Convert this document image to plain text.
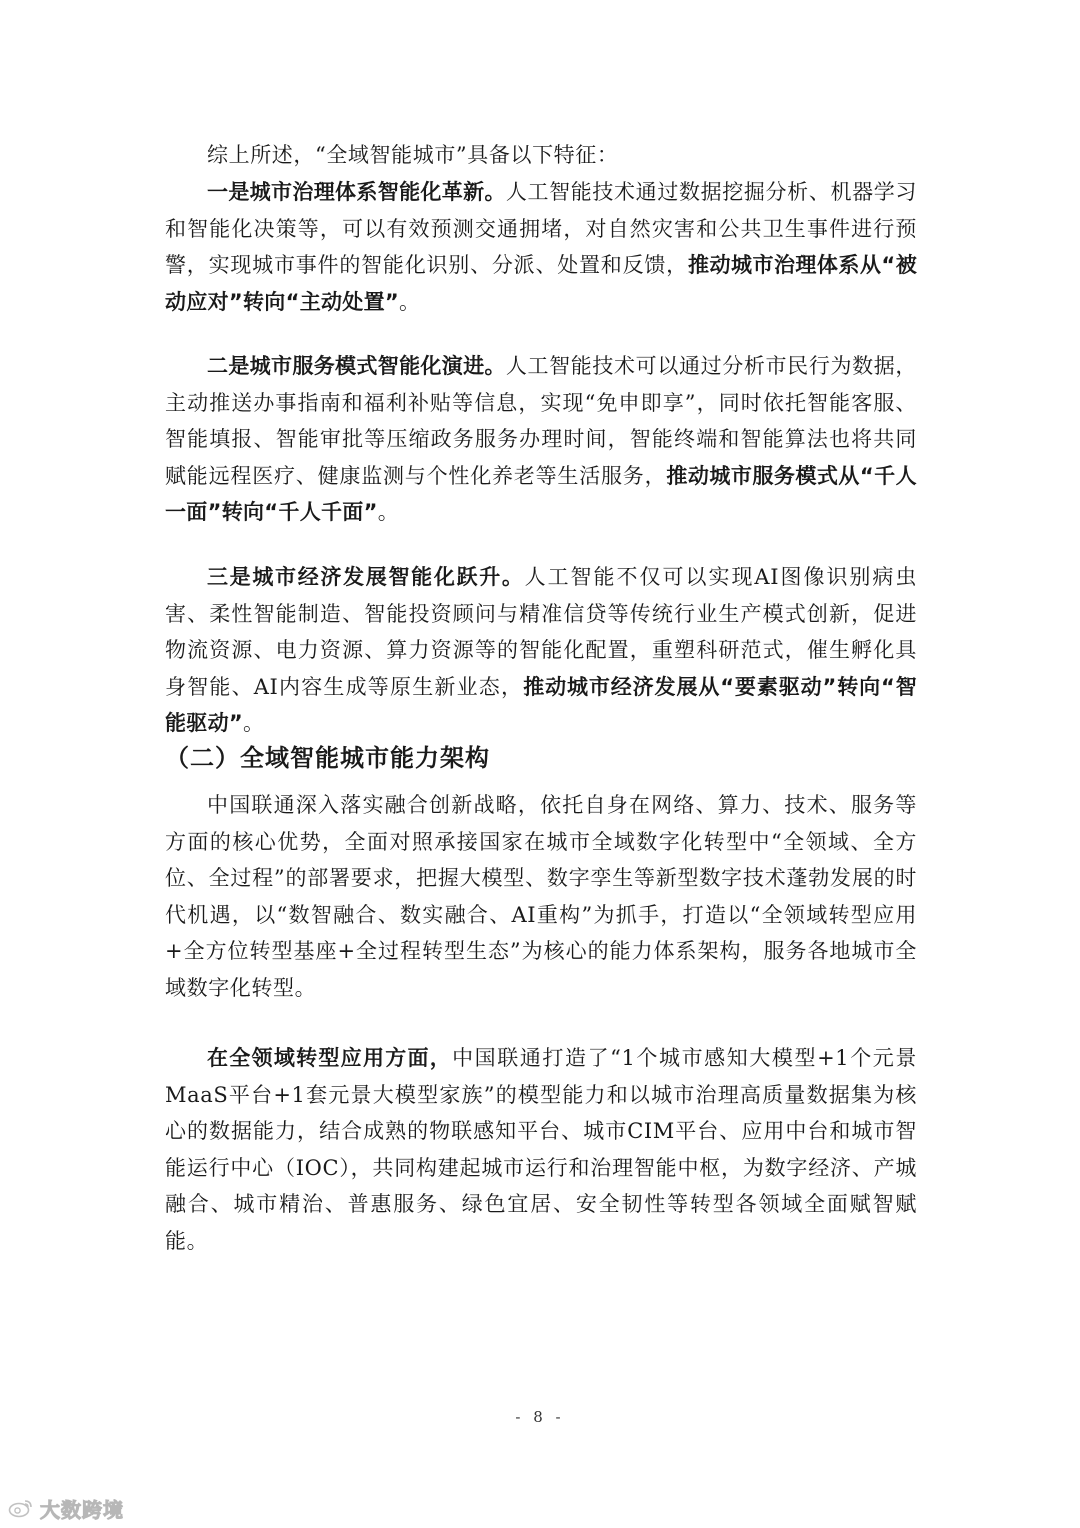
综上所述，“全域智能城市”具备以下特征：

一是城市治理体系智能化革新。人工智能技术通过数据挖掘分析、机器学习和智能化决策等，可以有效预测交通拥堵，对自然灾害和公共卫生事件进行预警，实现城市事件的智能化识别、分派、处置和反馈，推动城市治理体系从“被动应对”转向“主动处置”。

二是城市服务模式智能化演进。人工智能技术可以通过分析市民行为数据，主动推送办事指南和福利补贴等信息，实现“免申即享”，同时依托智能客服、智能填报、智能审批等压缩政务服务办理时间，智能终端和智能算法也将共同赋能远程医疗、健康监测与个性化养老等生活服务，推动城市服务模式从“千人一面”转向“千人千面”。

三是城市经济发展智能化跃升。人工智能不仅可以实现AI图像识别病虫害、柔性智能制造、智能投资顾问与精准信贷等传统行业生产模式创新，促进物流资源、电力资源、算力资源等的智能化配置，重塑科研范式，催生孵化具身智能、AI内容生成等原生新业态，推动城市经济发展从“要素驱动”转向“智能驱动”。

（二）全域智能城市能力架构

中国联通深入落实融合创新战略，依托自身在网络、算力、技术、服务等方面的核心优势，全面对照承接国家在城市全域数字化转型中“全领域、全方位、全过程”的部署要求，把握大模型、数字孪生等新型数字技术蓬勃发展的时代机遇，以“数智融合、数实融合、AI重构”为抓手，打造以“全领域转型应用+全方位转型基座+全过程转型生态”为核心的能力体系架构，服务各地城市全域数字化转型。

在全领域转型应用方面，中国联通打造了“1个城市感知大模型+1个元景MaaS平台+1套元景大模型家族”的模型能力和以城市治理高质量数据集为核心的数据能力，结合成熟的物联感知平台、城市CIM平台、应用中台和城市智能运行中心（IOC），共同构建起城市运行和治理智能中枢，为数字经济、产城融合、城市精治、普惠服务、绿色宜居、安全韧性等转型各领域全面赋智赋能。

- 8 -
大数跨境
